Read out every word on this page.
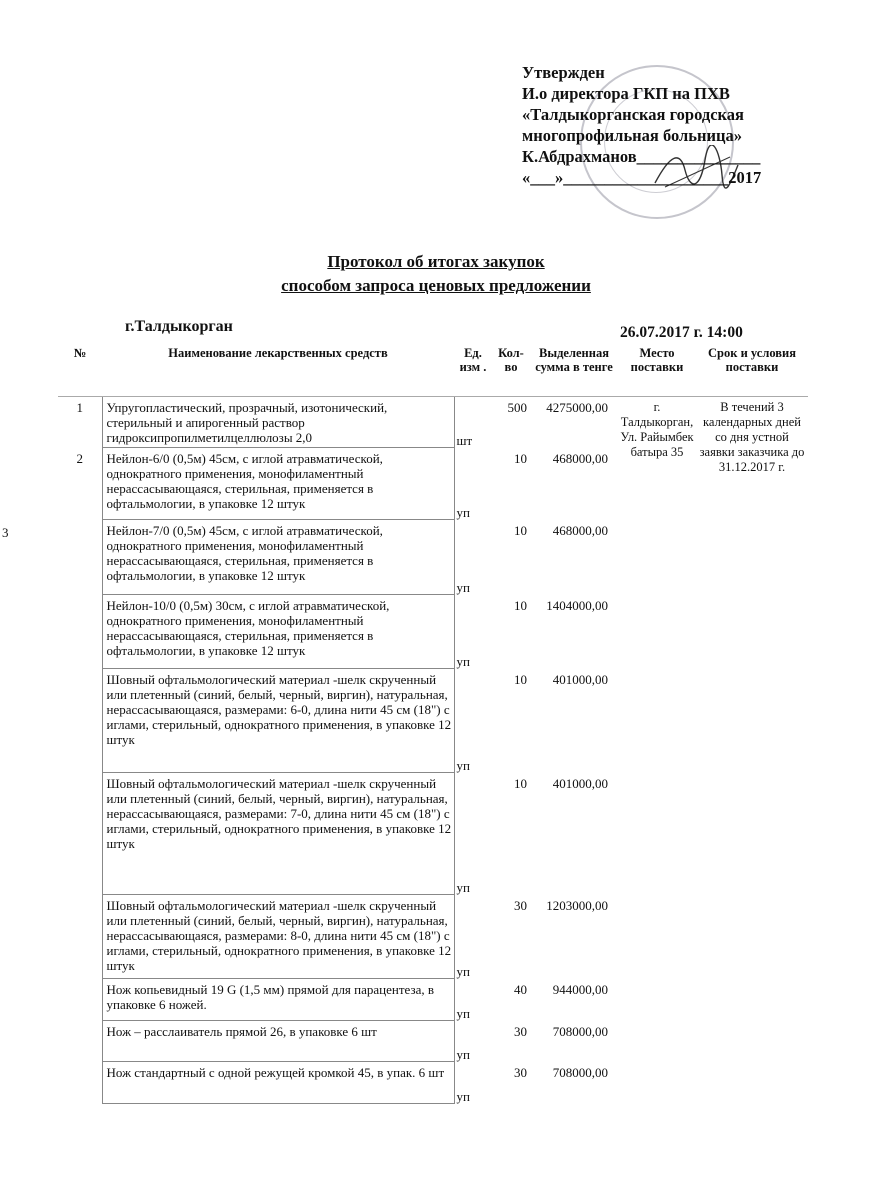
Утвержден
И.о директора ГКП на ПХВ
«Талдыкорганская городская
многопрофильная больница»
К.Абдрахманов_______________
«___»____________________2017
Протокол об итогах закупок
способом запроса ценовых предложении
г.Талдыкорган	26.07.2017 г. 14:00
№	Наименование лекарственных средств	Ед. изм .	Кол-во	Выделенная сумма в тенге	Место поставки	Срок и условия поставки
1	Упругопластический, прозрачный, изотонический, стерильный и апирогенный раствор гидроксипропилметилцеллюлозы 2,0	шт	500	4275000,00	г. Талдыкорган, Ул. Райымбек батыра 35	В течений 3 календарных дней со дня устной заявки заказчика до 31.12.2017 г.
2	Нейлон-6/0 (0,5м) 45см, с иглой атравматической, однократного применения, монофиламентный нерассасывающаяся, стерильная, применяется в офтальмологии, в упаковке 12 штук	уп	10	468000,00		
	Нейлон-7/0 (0,5м) 45см, с иглой атравматической, однократного применения, монофиламентный нерассасывающаяся, стерильная, применяется в офтальмологии, в упаковке 12 штук	уп	10	468000,00		
	Нейлон-10/0 (0,5м) 30см, с иглой атравматической, однократного применения, монофиламентный нерассасывающаяся, стерильная, применяется в офтальмологии, в упаковке 12 штук	уп	10	1404000,00		
	Шовный офтальмологический материал -шелк скрученный или плетенный (синий, белый, черный, виргин), натуральная, нерассасывающаяся, размерами: 6-0, длина нити 45 см (18") с иглами, стерильный, однократного применения, в упаковке 12 штук	уп	10	401000,00		
	Шовный офтальмологический материал -шелк скрученный или плетенный (синий, белый, черный, виргин), натуральная, нерассасывающаяся, размерами: 7-0, длина нити 45 см (18") с иглами, стерильный, однократного применения, в упаковке 12 штук	уп	10	401000,00		
	Шовный офтальмологический материал -шелк скрученный или плетенный (синий, белый, черный, виргин), натуральная, нерассасывающаяся, размерами: 8-0, длина нити 45 см (18") с иглами, стерильный, однократного применения, в упаковке 12 штук	уп	30	1203000,00		
	Нож копьевидный 19 G (1,5 мм) прямой для парацентеза, в упаковке 6 ножей.	уп	40	944000,00		
	Нож – расслаиватель прямой 26, в упаковке 6 шт	уп	30	708000,00		
	Нож стандартный с одной режущей кромкой 45, в упак. 6 шт	уп	30	708000,00		
3
